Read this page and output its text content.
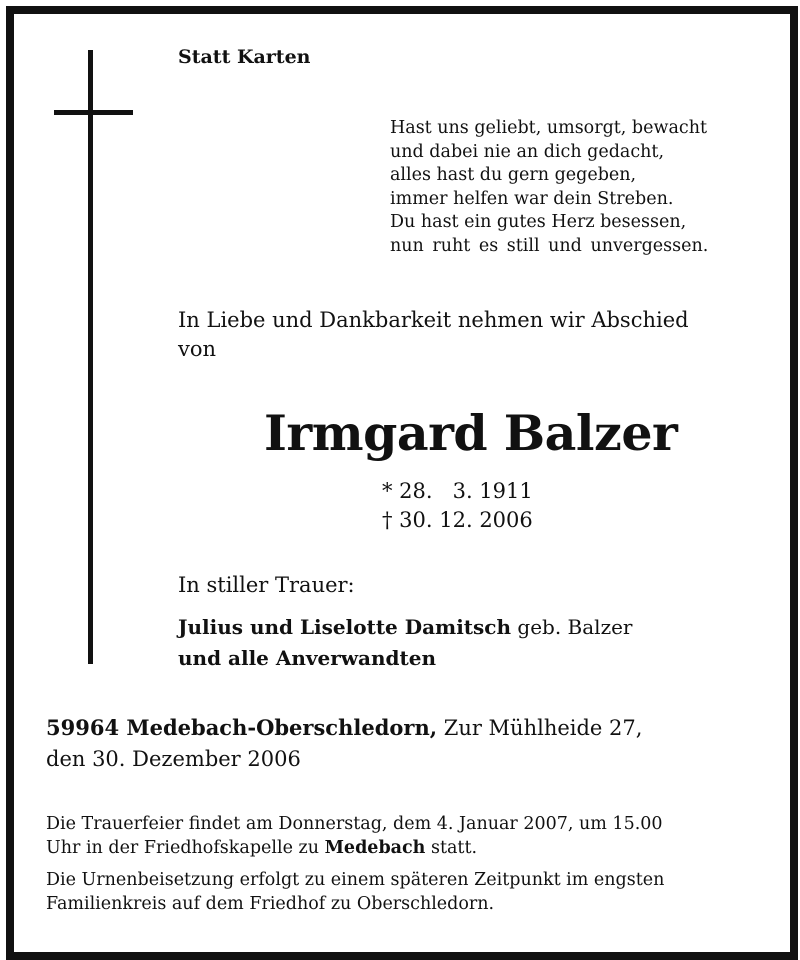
Statt Karten
Hast uns geliebt, umsorgt, bewacht
und dabei nie an dich gedacht,
alles hast du gern gegeben,
immer helfen war dein Streben.
Du hast ein gutes Herz besessen,
nun ruht es still und unvergessen.
In Liebe und Dankbarkeit nehmen wir Abschied
von
Irmgard Balzer
* 28.   3. 1911
† 30. 12. 2006
In stiller Trauer:
Julius und Liselotte Damitsch geb. Balzer
und alle Anverwandten
59964 Medebach-Oberschledorn, Zur Mühlheide 27,
den 30. Dezember 2006
Die Trauerfeier findet am Donnerstag, dem 4. Januar 2007, um 15.00
Uhr in der Friedhofskapelle zu Medebach statt.
Die Urnenbeisetzung erfolgt zu einem späteren Zeitpunkt im engsten
Familienkreis auf dem Friedhof zu Oberschledorn.
